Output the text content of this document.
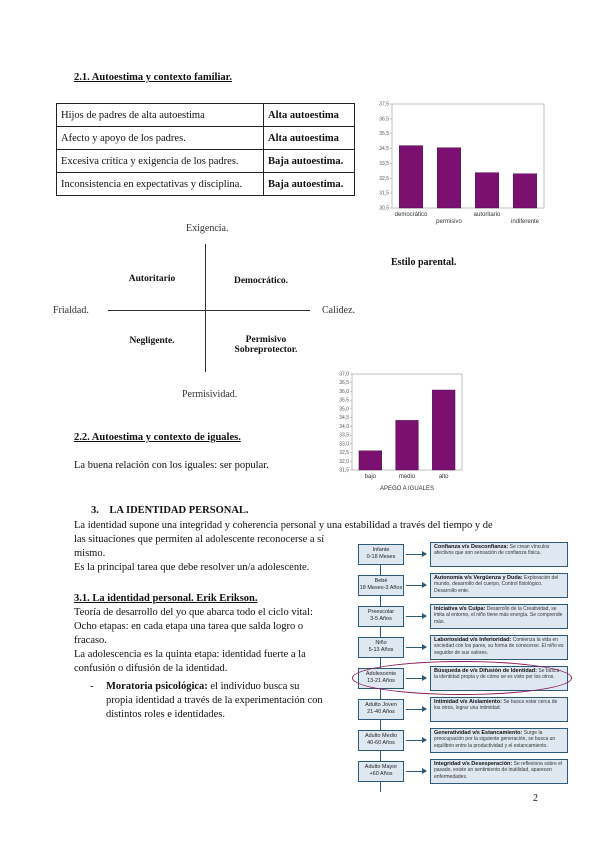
2.1. Autoestima y contexto familiar.
Hijos de padres de alta autoestima	Alta autoestima
Afecto y apoyo de los padres.	Alta autoestima
Excesiva crítica y exigencia de los padres.	Baja autoestima.
Inconsistencia en expectativas y disciplina.	Baja autoestima.
30,5
31,5
32,5
33,5
34,5
35,5
36,5
37,5
democrático
permisivo
autoritario
indiferente
Estilo parental.
Exigencia.
Frialdad.	Calidez.
Permisividad.
Autoritario	Democrático.
Negligente.	Permisivo
Sobreprotector.
31,5
32,0
32,5
33,0
33,5
34,0
34,5
35,0
35,5
36,0
36,5
37,0
bajo	medio	alto
APEGO A IGUALES
2.2. Autoestima y contexto de iguales.
La buena relación con los iguales: ser popular.
3. LA IDENTIDAD PERSONAL.
La identidad supone una integridad y coherencia personal y una estabilidad a través del tiempo y de
las situaciones que permiten al adolescente reconocerse a sí
mismo.
Es la principal tarea que debe resolver un/a adolescente.
3.1. La identidad personal. Erik Erikson.
Teoría de desarrollo del yo que abarca todo el ciclo vital:
Ocho etapas: en cada etapa una tarea que salda logro o
fracaso.
La adolescencia es la quinta etapa: identidad fuerte a la
confusión o difusión de la identidad.
- Moratoria psicológica: el individuo busca su
propia identidad a través de la experimentación con
distintos roles e identidades.
Infante
0-18 Meses
Confianza v/s Desconfianza: Se crean vínculos afectivos que son sensación de confianza física.
Bebé
18 Meses-3 Años
Autonomía v/s Vergüenza y Duda: Exploración del mundo, desarrollo del cuerpo, Control fisiológico. Desarrollo ente.
Preescolar
3-5 Años
Iniciativa v/s Culpa: Desarrollo de la Creatividad, se imita al entorno, el niño tiene más energía. Se comprende más.
Niño
5-13 Años
Laboriosidad v/s Inferioridad: Comienza la vida en sociedad con los pares, su forma de conocerse. El niño es seguidor de sus valores.
Adolescente
13-21 Años
Búsqueda de v/s Difusión de Identidad: Se busca la identidad propia y de cómo se es visto por los otros.
Adulto Joven
21-40 Años
Intimidad v/s Aislamiento: Se busca estar cerca de los otros, lograr una intimidad.
Adulto Medio
40-60 Años
Generatividad v/s Estancamiento: Surge la preocupación por la siguiente generación, se busca un equilibrio entre la productividad y el estancamiento.
Adulto Mayor
+60 Años
Integridad v/s Desesperación: Se reflexiona sobre el pasado, existe un sentimiento de inutilidad, aparecen enfermedades.
2
